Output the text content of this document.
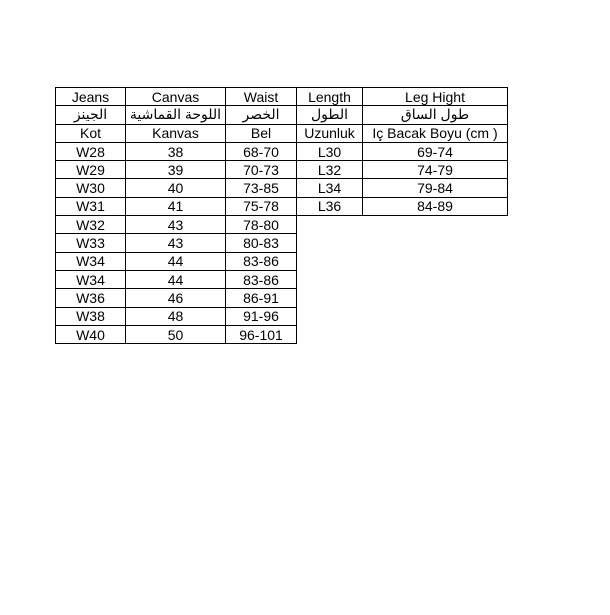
Jeans	Canvas	Waist	Length	Leg Hight
الجينز	اللوحة القماشية	الخصر	الطول	طول الساق
Kot	Kanvas	Bel	Uzunluk	Iç Bacak Boyu (cm )
W28	38	68-70	L30	69-74
W29	39	70-73	L32	74-79
W30	40	73-85	L34	79-84
W31	41	75-78	L36	84-89
W32	43	78-80		
W33	43	80-83		
W34	44	83-86		
W34	44	83-86		
W36	46	86-91		
W38	48	91-96		
W40	50	96-101		
